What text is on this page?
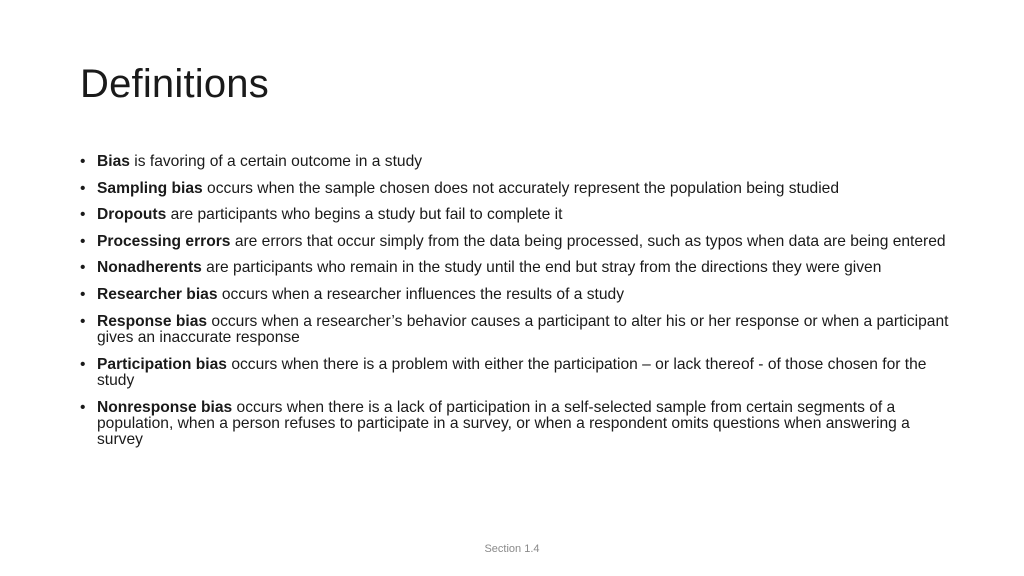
Definitions
• Bias is favoring of a certain outcome in a study
• Sampling bias occurs when the sample chosen does not accurately represent the population being studied
• Dropouts are participants who begins a study but fail to complete it
• Processing errors are errors that occur simply from the data being processed, such as typos when data are being entered
• Nonadherents are participants who remain in the study until the end but stray from the directions they were given
• Researcher bias occurs when a researcher influences the results of a study
• Response bias occurs when a researcher’s behavior causes a participant to alter his or her response or when a participant gives an inaccurate response
• Participation bias occurs when there is a problem with either the participation – or lack thereof - of those chosen for the study
• Nonresponse bias occurs when there is a lack of participation in a self-selected sample from certain segments of a population, when a person refuses to participate in a survey, or when a respondent omits questions when answering a survey
Section 1.4
